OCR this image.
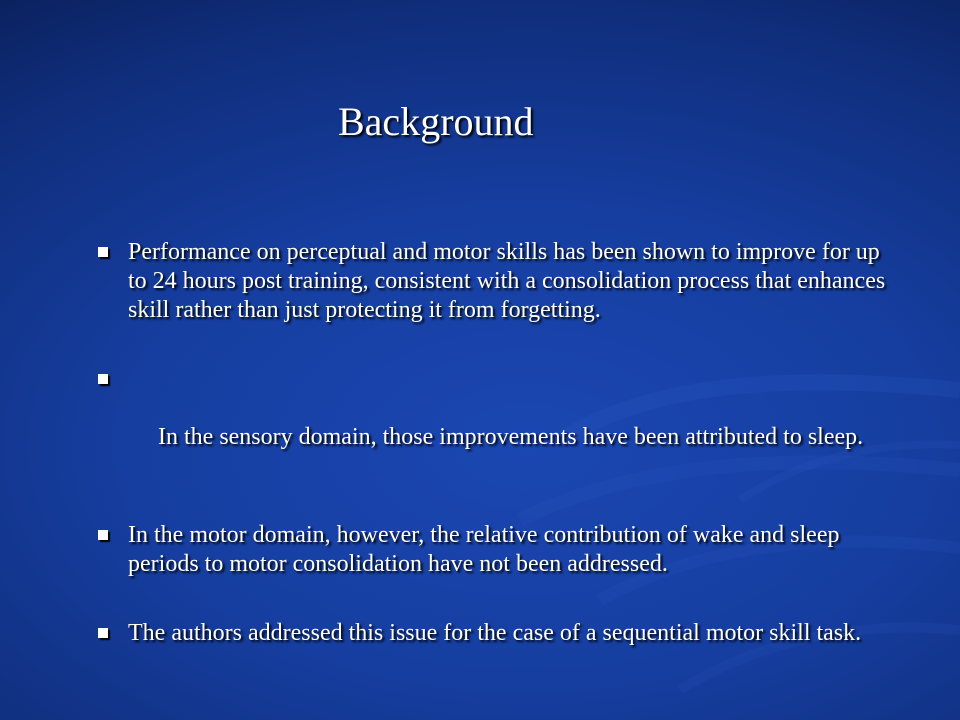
Background
Performance on perceptual and motor skills has been shown to improve for up to 24 hours post training, consistent with a consolidation process that enhances skill rather than just protecting it from forgetting.

In the sensory domain, those improvements have been attributed to sleep.

In the motor domain, however, the relative contribution of wake and sleep periods to motor consolidation have not been addressed.
The authors addressed this issue for the case of a sequential motor skill task.
